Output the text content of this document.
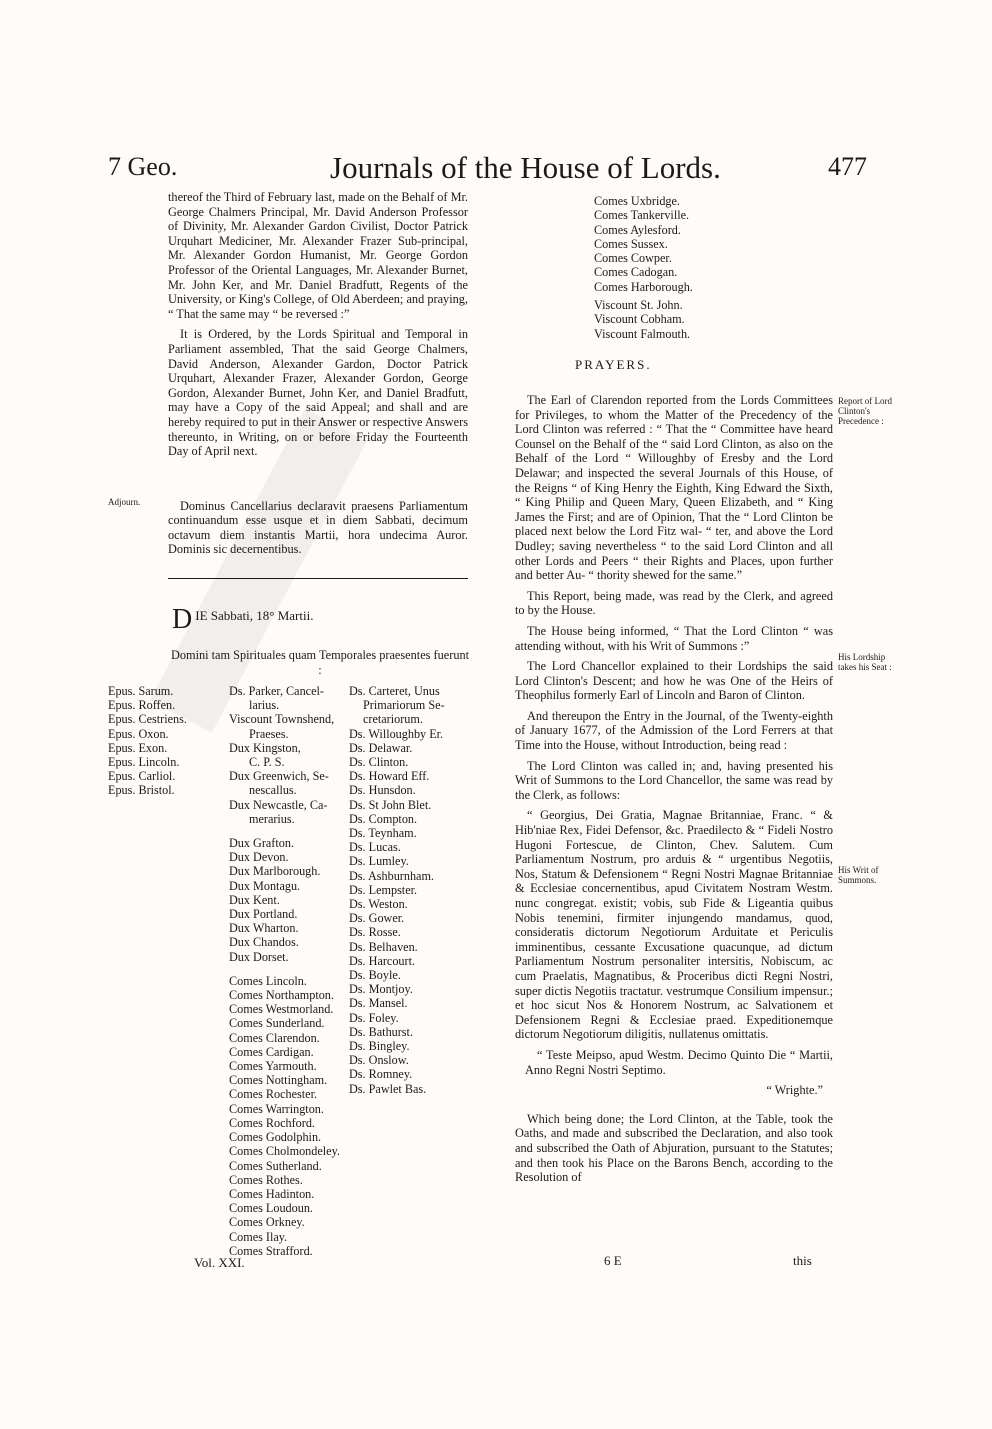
7 Geo.	Journals of the House of Lords.	477

thereof the Third of February last, made on the Behalf of Mr. George Chalmers Principal, Mr. David Anderson Professor of Divinity, Mr. Alexander Gardon Civilist, Doctor Patrick Urquhart Mediciner, Mr. Alexander Frazer Sub-principal, Mr. Alexander Gordon Humanist, Mr. George Gordon Professor of the Oriental Languages, Mr. Alexander Burnet, Mr. John Ker, and Mr. Daniel Bradfutt, Regents of the University, or King's College, of Old Aberdeen; and praying, “ That the same may “ be reversed :”

It is Ordered, by the Lords Spiritual and Temporal in Parliament assembled, That the said George Chalmers, David Anderson, Alexander Gardon, Doctor Patrick Urquhart, Alexander Frazer, Alexander Gordon, George Gordon, Alexander Burnet, John Ker, and Daniel Bradfutt, may have a Copy of the said Appeal; and shall and are hereby required to put in their Answer or respective Answers thereunto, in Writing, on or before Friday the Fourteenth Day of April next.

Dominus Cancellarius declaravit praesens Parliamentum continuandum esse usque et in diem Sabbati, decimum octavum diem instantis Martii, hora undecima Auror. Dominis sic decernentibus.

Adjourn.
DIE Sabbati, 18° Martii.
Domini tam Spirituales quam Temporales praesentes fuerunt :
Epus. Sarum.
Epus. Roffen.
Epus. Cestriens.
Epus. Oxon.
Epus. Exon.
Epus. Lincoln.
Epus. Carliol.
Epus. Bristol.
Ds. Parker, Cancel-
larius.
Viscount Townshend,
Praeses.
Dux Kingston,
C. P. S.
Dux Greenwich, Se-
nescallus.
Dux Newcastle, Ca-
merarius.
Dux Grafton.
Dux Devon.
Dux Marlborough.
Dux Montagu.
Dux Kent.
Dux Portland.
Dux Wharton.
Dux Chandos.
Dux Dorset.
Comes Lincoln.
Comes Northampton.
Comes Westmorland.
Comes Sunderland.
Comes Clarendon.
Comes Cardigan.
Comes Yarmouth.
Comes Nottingham.
Comes Rochester.
Comes Warrington.
Comes Rochford.
Comes Godolphin.
Comes Cholmondeley.
Comes Sutherland.
Comes Rothes.
Comes Hadinton.
Comes Loudoun.
Comes Orkney.
Comes Ilay.
Comes Strafford.
Ds. Carteret, Unus
Primariorum Se-
cretariorum.
Ds. Willoughby Er.
Ds. Delawar.
Ds. Clinton.
Ds. Howard Eff.
Ds. Hunsdon.
Ds. St John Blet.
Ds. Compton.
Ds. Teynham.
Ds. Lucas.
Ds. Lumley.
Ds. Ashburnham.
Ds. Lempster.
Ds. Weston.
Ds. Gower.
Ds. Rosse.
Ds. Belhaven.
Ds. Harcourt.
Ds. Boyle.
Ds. Montjoy.
Ds. Mansel.
Ds. Foley.
Ds. Bathurst.
Ds. Bingley.
Ds. Onslow.
Ds. Romney.
Ds. Pawlet Bas.
Comes Uxbridge.
Comes Tankerville.
Comes Aylesford.
Comes Sussex.
Comes Cowper.
Comes Cadogan.
Comes Harborough.
Viscount St. John.
Viscount Cobham.
Viscount Falmouth.
PRAYERS.

The Earl of Clarendon reported from the Lords Committees for Privileges, to whom the Matter of the Precedency of the Lord Clinton was referred : “ That the “ Committee have heard Counsel on the Behalf of the “ said Lord Clinton, as also on the Behalf of the Lord “ Willoughby of Eresby and the Lord Delawar; and inspected the several Journals of this House, of the Reigns “ of King Henry the Eighth, King Edward the Sixth, “ King Philip and Queen Mary, Queen Elizabeth, and “ King James the First; and are of Opinion, That the “ Lord Clinton be placed next below the Lord Fitz wal- “ ter, and above the Lord Dudley; saving nevertheless “ to the said Lord Clinton and all other Lords and Peers “ their Rights and Places, upon further and better Au- “ thority shewed for the same.”

This Report, being made, was read by the Clerk, and agreed to by the House.

The House being informed, “ That the Lord Clinton “ was attending without, with his Writ of Summons :”

The Lord Chancellor explained to their Lordships the said Lord Clinton's Descent; and how he was One of the Heirs of Theophilus formerly Earl of Lincoln and Baron of Clinton.

And thereupon the Entry in the Journal, of the Twenty-eighth of January 1677, of the Admission of the Lord Ferrers at that Time into the House, without Introduction, being read :

The Lord Clinton was called in; and, having presented his Writ of Summons to the Lord Chancellor, the same was read by the Clerk, as follows:

“ Georgius, Dei Gratia, Magnae Britanniae, Franc. “ & Hib'niae Rex, Fidei Defensor, &c. Praedilecto & “ Fideli Nostro Hugoni Fortescue, de Clinton, Chev. Salutem. Cum Parliamentum Nostrum, pro arduis & “ urgentibus Negotiis, Nos, Statum & Defensionem “ Regni Nostri Magnae Britanniae & Ecclesiae concernentibus, apud Civitatem Nostram Westm. nunc congregat. existit; vobis, sub Fide & Ligeantia quibus Nobis tenemini, firmiter injungendo mandamus, quod, consideratis dictorum Negotiorum Arduitate et Periculis imminentibus, cessante Excusatione quacunque, ad dictum Parliamentum Nostrum personaliter intersitis, Nobiscum, ac cum Praelatis, Magnatibus, & Proceribus dicti Regni Nostri, super dictis Negotiis tractatur. vestrumque Consilium impensur.; et hoc sicut Nos & Honorem Nostrum, ac Salvationem et Defensionem Regni & Ecclesiae praed. Expeditionemque dictorum Negotiorum diligitis, nullatenus omittatis.

“ Teste Meipso, apud Westm. Decimo Quinto Die “ Martii, Anno Regni Nostri Septimo.

“ Wrighte.”

Which being done; the Lord Clinton, at the Table, took the Oaths, and made and subscribed the Declaration, and also took and subscribed the Oath of Abjuration, pursuant to the Statutes; and then took his Place on the Barons Bench, according to the Resolution of

Report of Lord Clinton's Precedence :
His Lordship takes his Seat :
His Writ of Summons.
Vol. XXI.	6 E	this
